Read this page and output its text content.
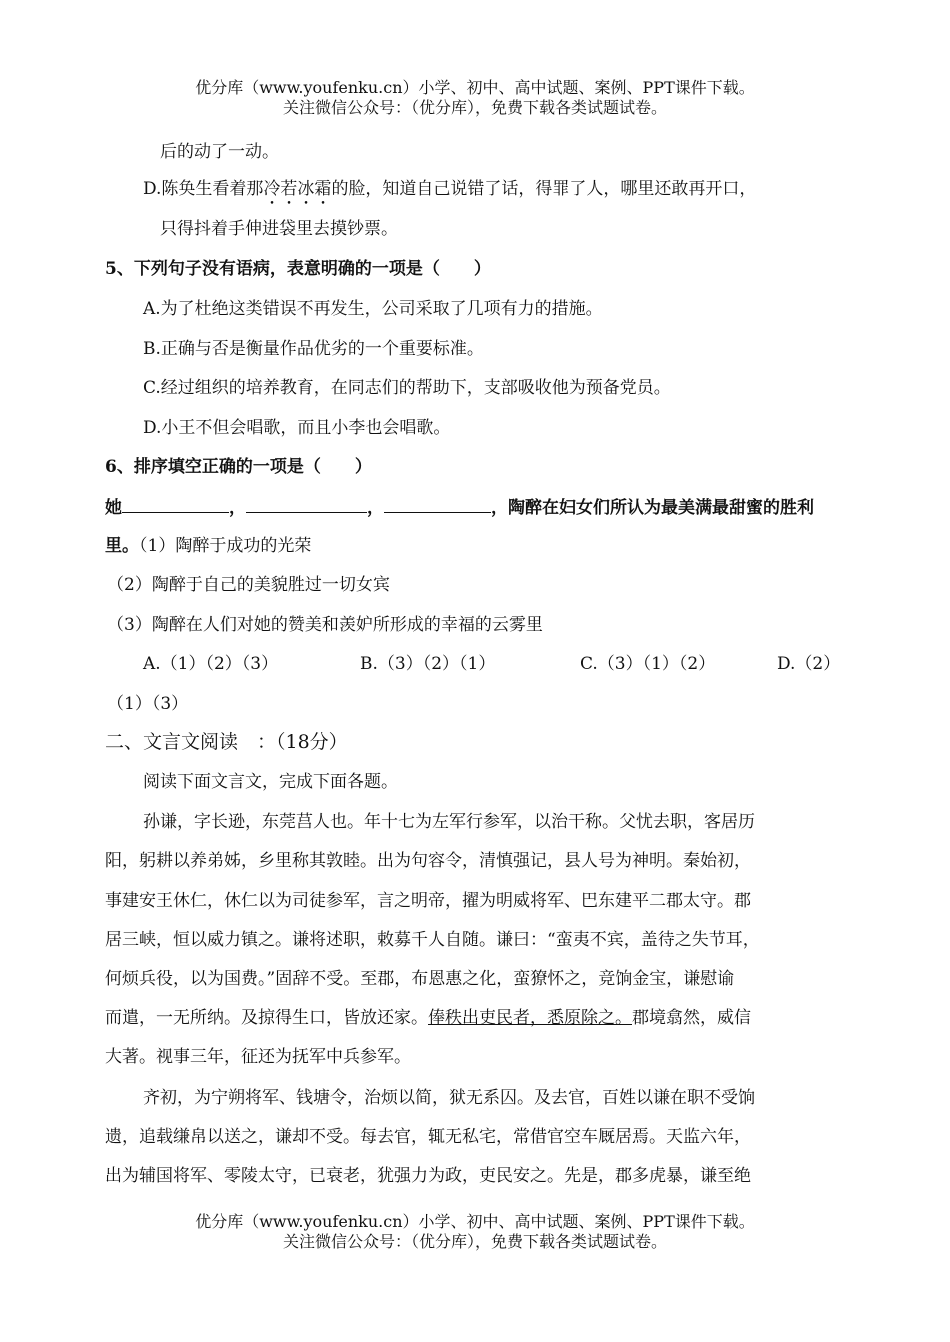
优分库（www.youfenku.cn）小学、初中、高中试题、案例、PPT课件下载。
关注微信公众号：（优分库），免费下载各类试题试卷。
后的动了一动。
D.陈奂生看着那冷若冰霜的脸，知道自己说错了话，得罪了人，哪里还敢再开口，
只得抖着手伸进袋里去摸钞票。
5、下列句子没有语病，表意明确的一项是（　　）
A.为了杜绝这类错误不再发生，公司采取了几项有力的措施。
B.正确与否是衡量作品优劣的一个重要标准。
C.经过组织的培养教育，在同志们的帮助下，支部吸收他为预备党员。
D.小王不但会唱歌，而且小李也会唱歌。
6、排序填空正确的一项是（　　）
她	，	，	，陶醉在妇女们所认为最美满最甜蜜的胜利
里。（1）陶醉于成功的光荣
（2）陶醉于自己的美貌胜过一切女宾
（3）陶醉在人们对她的赞美和羡妒所形成的幸福的云雾里
A.（1）（2）（3）	B.（3）（2）（1）	C.（3）（1）（2）	D.（2）
（1）（3）
二、文言文阅读　：（18分）
阅读下面文言文，完成下面各题。
孙谦，字长逊，东莞莒人也。年十七为左军行参军，以治干称。父忧去职，客居历
阳，躬耕以养弟姊，乡里称其敦睦。出为句容令，清慎强记，县人号为神明。秦始初，
事建安王休仁，休仁以为司徒参军，言之明帝，擢为明威将军、巴东建平二郡太守。郡
居三峡，恒以威力镇之。谦将述职，敕募千人自随。谦曰：“蛮夷不宾，盖待之失节耳，
何烦兵役，以为国费。”固辞不受。至郡，布恩惠之化，蛮獠怀之，竞饷金宝，谦慰谕
而遣，一无所纳。及掠得生口，皆放还家。俸秩出吏民者，悉原除之。郡境翕然，威信
大著。视事三年，征还为抚军中兵参军。
齐初，为宁朔将军、钱塘令，治烦以简，狱无系囚。及去官，百姓以谦在职不受饷
遗，追载缣帛以送之，谦却不受。每去官，辄无私宅，常借官空车厩居焉。天监六年，
出为辅国将军、零陵太守，已衰老，犹强力为政，吏民安之。先是，郡多虎暴，谦至绝
优分库（www.youfenku.cn）小学、初中、高中试题、案例、PPT课件下载。
关注微信公众号：（优分库），免费下载各类试题试卷。
